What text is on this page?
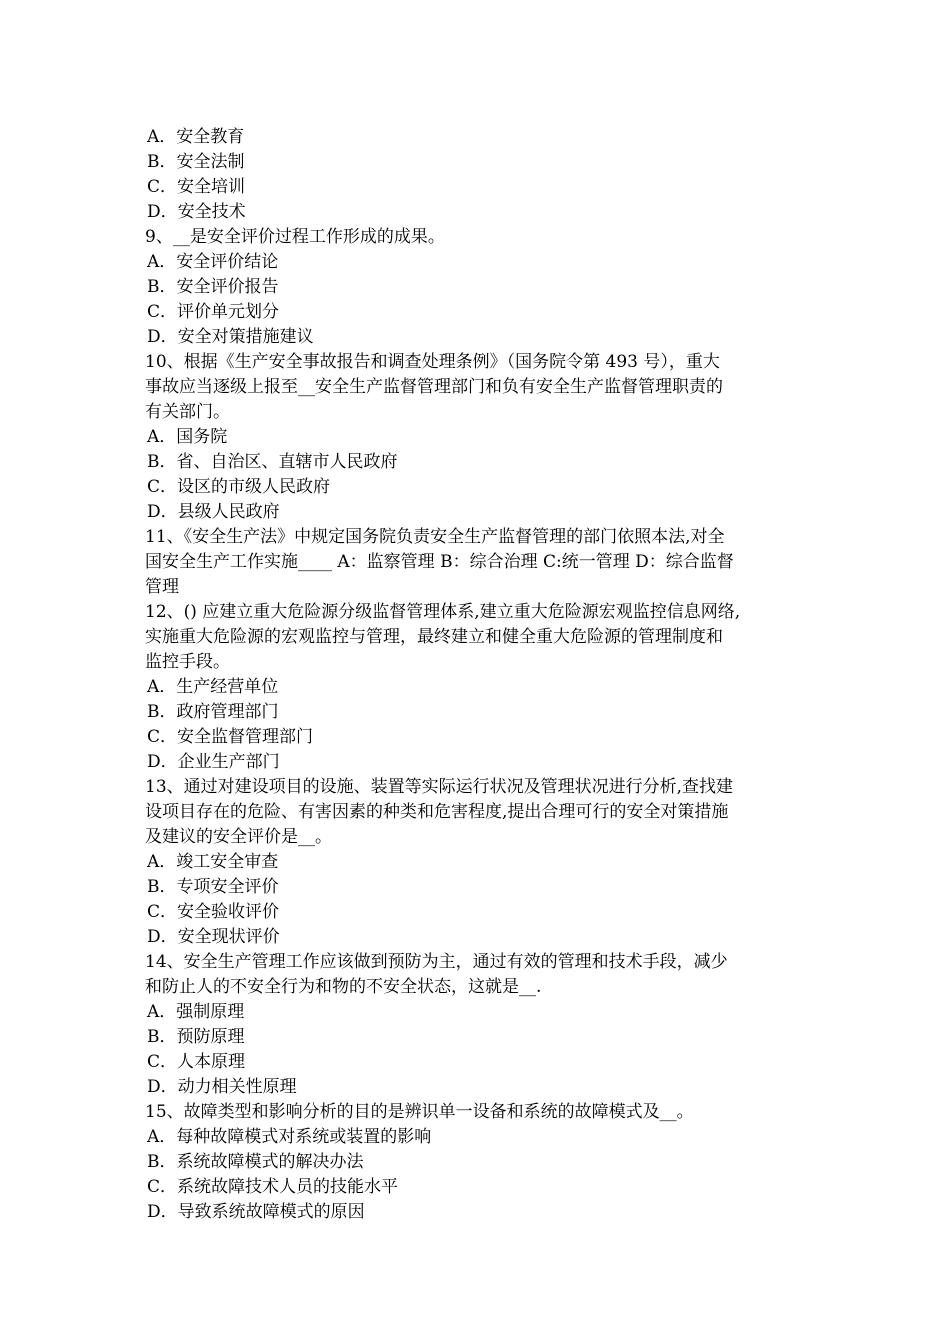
A．安全教育
B．安全法制
C．安全培训
D．安全技术
9、__是安全评价过程工作形成的成果。
A．安全评价结论
B．安全评价报告
C．评价单元划分
D．安全对策措施建议
10、根据《生产安全事故报告和调查处理条例》（国务院令第 493 号），重大
事故应当逐级上报至__安全生产监督管理部门和负有安全生产监督管理职责的
有关部门。
A．国务院
B．省、自治区、直辖市人民政府
C．设区的市级人民政府
D．县级人民政府
11、《安全生产法》中规定国务院负责安全生产监督管理的部门依照本法,对全
国安全生产工作实施____ A：监察管理 B：综合治理 C:统一管理 D：综合监督
管理
12、() 应建立重大危险源分级监督管理体系,建立重大危险源宏观监控信息网络,
实施重大危险源的宏观监控与管理，最终建立和健全重大危险源的管理制度和
监控手段。
A．生产经营单位
B．政府管理部门
C．安全监督管理部门
D．企业生产部门
13、通过对建设项目的设施、装置等实际运行状况及管理状况进行分析,查找建
设项目存在的危险、有害因素的种类和危害程度,提出合理可行的安全对策措施
及建议的安全评价是__。
A．竣工安全审查
B．专项安全评价
C．安全验收评价
D．安全现状评价
14、安全生产管理工作应该做到预防为主，通过有效的管理和技术手段，减少
和防止人的不安全行为和物的不安全状态，这就是__.
A．强制原理
B．预防原理
C．人本原理
D．动力相关性原理
15、故障类型和影响分析的目的是辨识单一设备和系统的故障模式及__。
A．每种故障模式对系统或装置的影响
B．系统故障模式的解决办法
C．系统故障技术人员的技能水平
D．导致系统故障模式的原因
